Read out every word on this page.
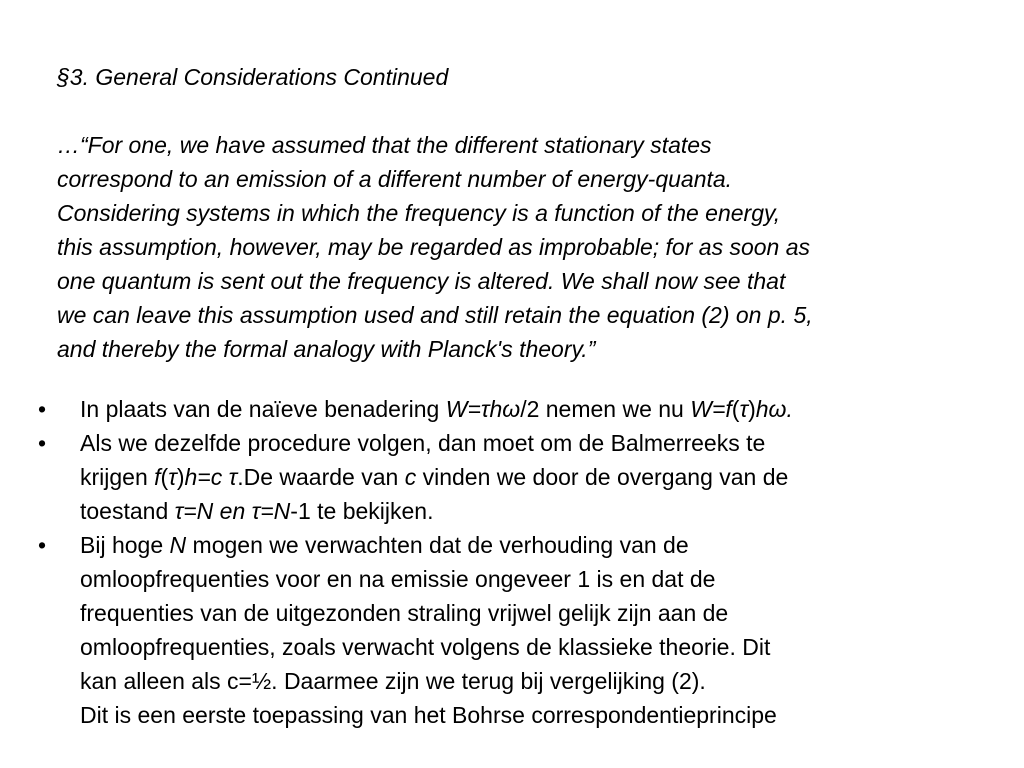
§3. General Considerations Continued
…“For one, we have assumed that the different stationary states
correspond to an emission of a different number of energy-quanta.
Considering systems in which the frequency is a function of the energy,
this assumption, however, may be regarded as improbable; for as soon as
one quantum is sent out the frequency is altered. We shall now see that
we can leave this assumption used and still retain the equation (2) on p. 5,
and thereby the formal analogy with Planck's theory.”
• In plaats van de naïeve benadering W=τhω/2 nemen we nu W=f(τ)hω.
• Als we dezelfde procedure volgen, dan moet om de Balmerreeks te
krijgen f(τ)h=c τ.De waarde van c vinden we door de overgang van de
toestand τ=N en τ=N-1 te bekijken.
• Bij hoge N mogen we verwachten dat de verhouding van de
omloopfrequenties voor en na emissie ongeveer 1 is en dat de
frequenties van de uitgezonden straling vrijwel gelijk zijn aan de
omloopfrequenties, zoals verwacht volgens de klassieke theorie. Dit
kan alleen als c=½. Daarmee zijn we terug bij vergelijking (2).
Dit is een eerste toepassing van het Bohrse correspondentieprincipe
